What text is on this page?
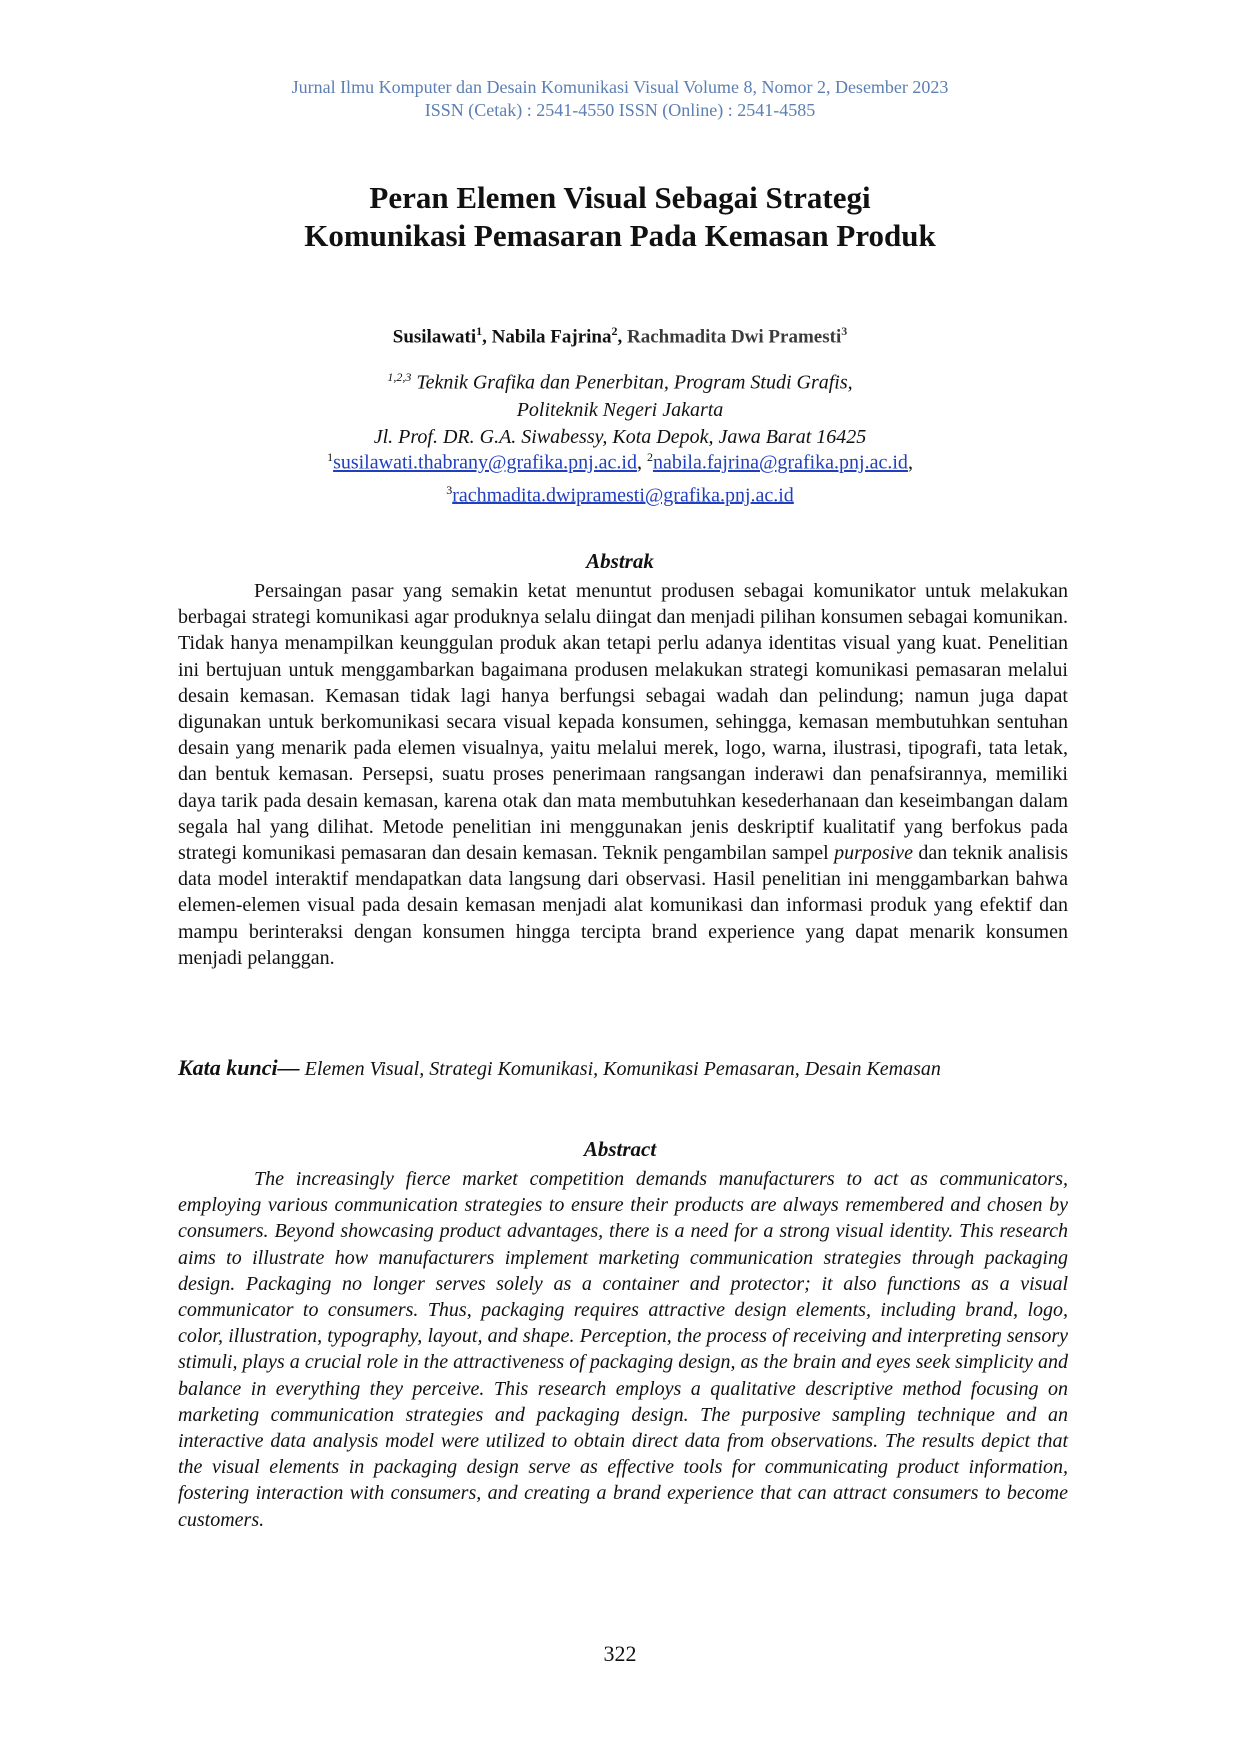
Jurnal Ilmu Komputer dan Desain Komunikasi Visual Volume 8, Nomor 2, Desember 2023
ISSN (Cetak) : 2541-4550 ISSN (Online) : 2541-4585
Peran Elemen Visual Sebagai Strategi
Komunikasi Pemasaran Pada Kemasan Produk
Susilawati$^1$, Nabila Fajrina$^2$, Rachmadita Dwi Pramesti$^3$
$^{1,2,3}$ Teknik Grafika dan Penerbitan, Program Studi Grafis,
Politeknik Negeri Jakarta
Jl. Prof. DR. G.A. Siwabessy, Kota Depok, Jawa Barat 16425
$^1$susilawati.thabrany@grafika.pnj.ac.id, $^2$nabila.fajrina@grafika.pnj.ac.id,
$^3$rachmadita.dwipramesti@grafika.pnj.ac.id
Abstrak

Persaingan pasar yang semakin ketat menuntut produsen sebagai komunikator untuk melakukan berbagai strategi komunikasi agar produknya selalu diingat dan menjadi pilihan konsumen sebagai komunikan. Tidak hanya menampilkan keunggulan produk akan tetapi perlu adanya identitas visual yang kuat. Penelitian ini bertujuan untuk menggambarkan bagaimana produsen melakukan strategi komunikasi pemasaran melalui desain kemasan. Kemasan tidak lagi hanya berfungsi sebagai wadah dan pelindung; namun juga dapat digunakan untuk berkomunikasi secara visual kepada konsumen, sehingga, kemasan membutuhkan sentuhan desain yang menarik pada elemen visualnya, yaitu melalui merek, logo, warna, ilustrasi, tipografi, tata letak, dan bentuk kemasan. Persepsi, suatu proses penerimaan rangsangan inderawi dan penafsirannya, memiliki daya tarik pada desain kemasan, karena otak dan mata membutuhkan kesederhanaan dan keseimbangan dalam segala hal yang dilihat. Metode penelitian ini menggunakan jenis deskriptif kualitatif yang berfokus pada strategi komunikasi pemasaran dan desain kemasan. Teknik pengambilan sampel purposive dan teknik analisis data model interaktif mendapatkan data langsung dari observasi. Hasil penelitian ini menggambarkan bahwa elemen-elemen visual pada desain kemasan menjadi alat komunikasi dan informasi produk yang efektif dan mampu berinteraksi dengan konsumen hingga tercipta brand experience yang dapat menarik konsumen menjadi pelanggan.

Kata kunci— Elemen Visual, Strategi Komunikasi, Komunikasi Pemasaran, Desain Kemasan
Abstract

The increasingly fierce market competition demands manufacturers to act as communicators, employing various communication strategies to ensure their products are always remembered and chosen by consumers. Beyond showcasing product advantages, there is a need for a strong visual identity. This research aims to illustrate how manufacturers implement marketing communication strategies through packaging design. Packaging no longer serves solely as a container and protector; it also functions as a visual communicator to consumers. Thus, packaging requires attractive design elements, including brand, logo, color, illustration, typography, layout, and shape. Perception, the process of receiving and interpreting sensory stimuli, plays a crucial role in the attractiveness of packaging design, as the brain and eyes seek simplicity and balance in everything they perceive. This research employs a qualitative descriptive method focusing on marketing communication strategies and packaging design. The purposive sampling technique and an interactive data analysis model were utilized to obtain direct data from observations. The results depict that the visual elements in packaging design serve as effective tools for communicating product information, fostering interaction with consumers, and creating a brand experience that can attract consumers to become customers.

322
